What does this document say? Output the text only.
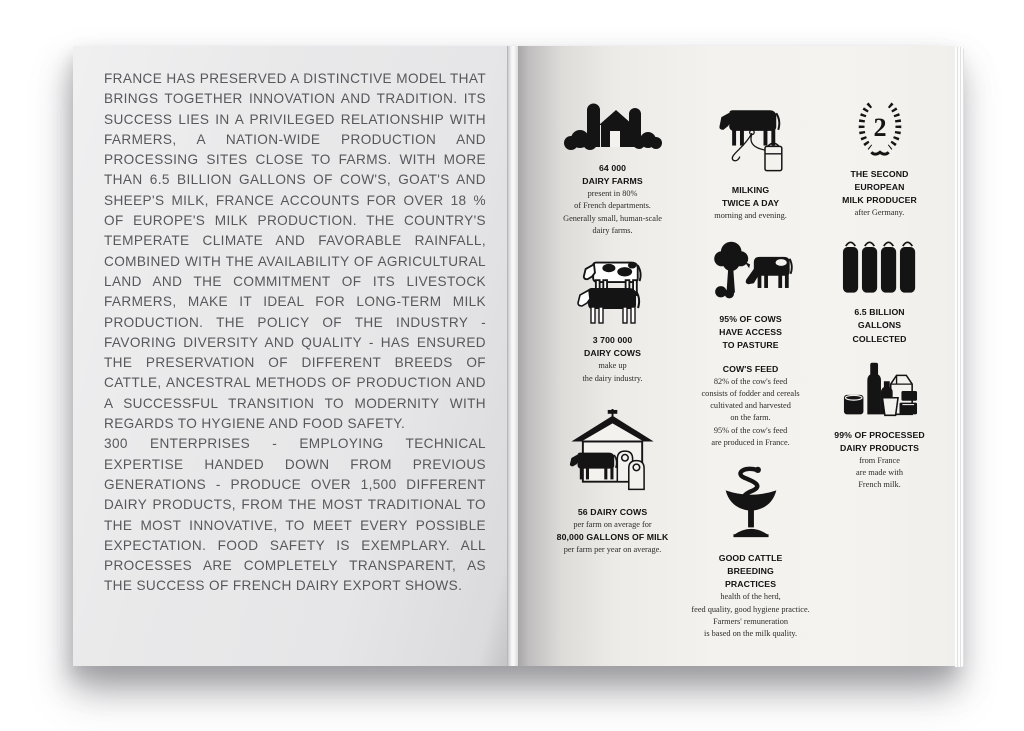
FRANCE HAS PRESERVED A DISTINCTIVE MODEL THAT BRINGS TOGETHER INNOVATION AND TRADITION. ITS SUCCESS LIES IN A PRIVILEGED RELATIONSHIP WITH FARMERS, A NATION-WIDE PRODUCTION AND PROCESSING SITES CLOSE TO FARMS. WITH MORE THAN 6.5 BILLION GALLONS OF COW'S, GOAT'S AND SHEEP'S MILK, FRANCE ACCOUNTS FOR OVER 18 % OF EUROPE'S MILK PRODUCTION. THE COUNTRY'S TEMPERATE CLIMATE AND FAVORABLE RAINFALL, COMBINED WITH THE AVAILABILITY OF AGRICULTURAL LAND AND THE COMMITMENT OF ITS LIVESTOCK FARMERS, MAKE IT IDEAL FOR LONG-TERM MILK PRODUCTION. THE POLICY OF THE INDUSTRY - FAVORING DIVERSITY AND QUALITY - HAS ENSURED THE PRESERVATION OF DIFFERENT BREEDS OF CATTLE, ANCESTRAL METHODS OF PRODUCTION AND A SUCCESSFUL TRANSITION TO MODERNITY WITH REGARDS TO HYGIENE AND FOOD SAFETY.

300 ENTERPRISES - EMPLOYING TECHNICAL EXPERTISE HANDED DOWN FROM PREVIOUS GENERATIONS - PRODUCE OVER 1,500 DIFFERENT DAIRY PRODUCTS, FROM THE MOST TRADITIONAL TO THE MOST INNOVATIVE, TO MEET EVERY POSSIBLE EXPECTATION. FOOD SAFETY IS EXEMPLARY. ALL PROCESSES ARE COMPLETELY TRANSPARENT, AS THE SUCCESS OF FRENCH DAIRY EXPORT SHOWS.

64 000
DAIRY FARMS
present in 80%
of French departments.
Generally small, human-scale
dairy farms.
3 700 000
DAIRY COWS
make up
the dairy industry.
56 DAIRY COWS
per farm on average for
80,000 GALLONS OF MILK
per farm per year on average.
MILKING
TWICE A DAY
morning and evening.
95% OF COWS
HAVE ACCESS
TO PASTURE
COW'S FEED
82% of the cow's feed
consists of fodder and cereals
cultivated and harvested
on the farm.
95% of the cow's feed
are produced in France.
GOOD CATTLE
BREEDING
PRACTICES
health of the herd,
feed quality, good hygiene practice.
Farmers' remuneration
is based on the milk quality.
2
THE SECOND
EUROPEAN
MILK PRODUCER
after Germany.
6.5 BILLION
GALLONS
COLLECTED
99% OF PROCESSED
DAIRY PRODUCTS
from France
are made with
French milk.
